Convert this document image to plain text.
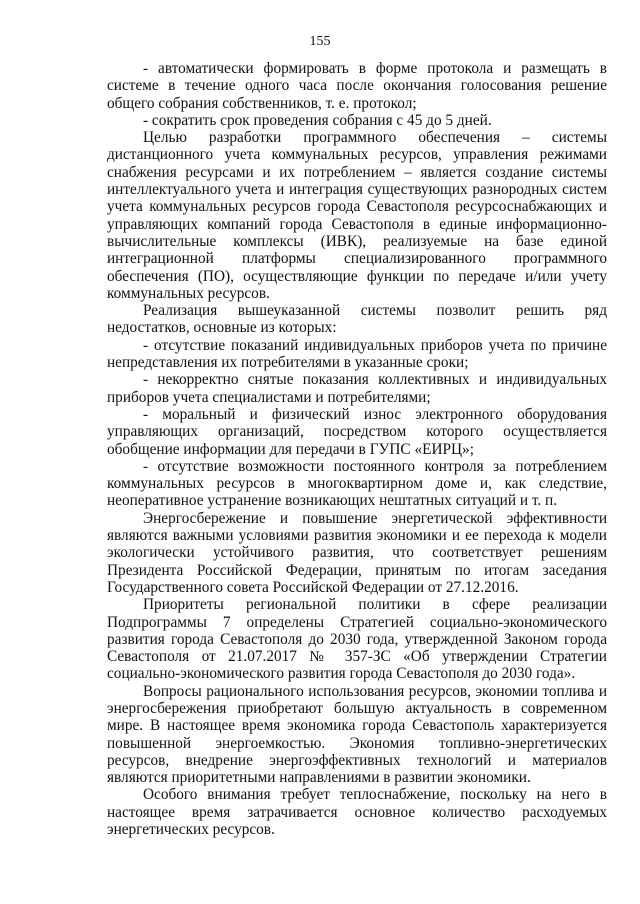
155

- автоматически формировать в форме протокола и размещать в системе в течение одного часа после окончания голосования решение общего собрания собственников, т. е. протокол;

- сократить срок проведения собрания с 45 до 5 дней.

Целью разработки программного обеспечения – системы дистанционного учета коммунальных ресурсов, управления режимами снабжения ресурсами и их потреблением – является создание системы интеллектуального учета и интеграция существующих разнородных систем учета коммунальных ресурсов города Севастополя ресурсоснабжающих и управляющих компаний города Севастополя в единые информационно-вычислительные комплексы (ИВК), реализуемые на базе единой интеграционной платформы специализированного программного обеспечения (ПО), осуществляющие функции по передаче и/или учету коммунальных ресурсов.

Реализация вышеуказанной системы позволит решить ряд недостатков, основные из которых:

- отсутствие показаний индивидуальных приборов учета по причине непредставления их потребителями в указанные сроки;

- некорректно снятые показания коллективных и индивидуальных приборов учета специалистами и потребителями;

- моральный и физический износ электронного оборудования управляющих организаций, посредством которого осуществляется обобщение информации для передачи в ГУПС «ЕИРЦ»;

- отсутствие возможности постоянного контроля за потреблением коммунальных ресурсов в многоквартирном доме и, как следствие, неоперативное устранение возникающих нештатных ситуаций и т. п.

Энергосбережение и повышение энергетической эффективности являются важными условиями развития экономики и ее перехода к модели экологически устойчивого развития, что соответствует решениям Президента Российской Федерации, принятым по итогам заседания Государственного совета Российской Федерации от 27.12.2016.

Приоритеты региональной политики в сфере реализации Подпрограммы 7 определены Стратегией социально-экономического развития города Севастополя до 2030 года, утвержденной Законом города Севастополя от 21.07.2017 № 357-ЗС «Об утверждении Стратегии социально-экономического развития города Севастополя до 2030 года».

Вопросы рационального использования ресурсов, экономии топлива и энергосбережения приобретают большую актуальность в современном мире. В настоящее время экономика города Севастополь характеризуется повышенной энергоемкостью. Экономия топливно-энергетических ресурсов, внедрение энергоэффективных технологий и материалов являются приоритетными направлениями в развитии экономики.

Особого внимания требует теплоснабжение, поскольку на него в настоящее время затрачивается основное количество расходуемых энергетических ресурсов.
